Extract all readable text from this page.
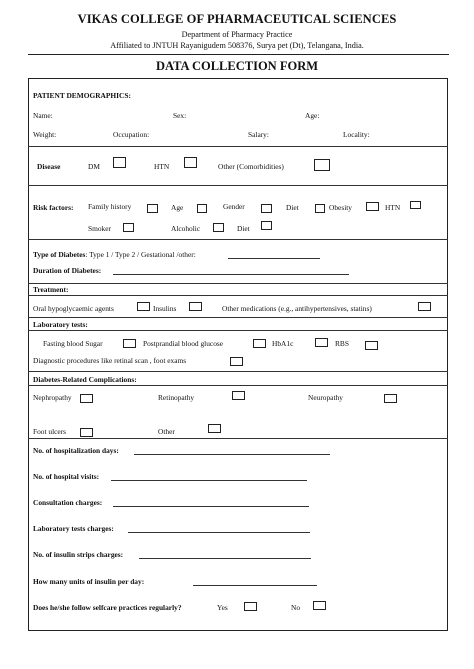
VIKAS COLLEGE OF PHARMACEUTICAL SCIENCES
Department of Pharmacy Practice
Affiliated to JNTUH Rayanigudem 508376, Surya pet (Dt), Telangana, India.
DATA COLLECTION FORM
PATIENT DEMOGRAPHICS:
Name:	Sex:	Age:
Weight:	Occupation:	Salary:	Locality:
Disease	DM	HTN	Other (Comorbidities)
Risk factors: Family history	Age	Gender	Diet	Obesity	HTN
Smoker	Alcoholic	Diet
Type of Diabetes: Type 1 / Type 2 / Gestational /other:
Duration of Diabetes:
Treatment:
Oral hypoglycaemic agents	Insulins	Other medications (e.g., antihypertensives, statins)
Laboratory tests:
Fasting blood Sugar	Postprandial blood glucose	HbA1c	RBS
Diagnostic procedures like retinal scan , foot exams
Diabetes-Related Complications:
Nephropathy	Retinopathy	Neuropathy
Foot ulcers	Other
No. of hospitalization days:
No. of hospital visits:
Consultation charges:
Laboratory tests charges:
No. of insulin strips charges:
How many units of insulin per day:
Does he/she follow selfcare practices regularly?	Yes	No
